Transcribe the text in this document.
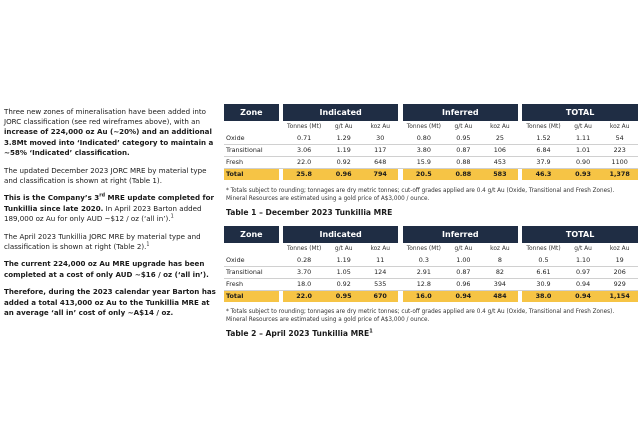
Three new zones of mineralisation have been added into JORC classification (see red wireframes above), with an increase of 224,000 oz Au (~20%) and an additional 3.8Mt moved into ‘Indicated’ category to maintain a ~58% ‘Indicated’ classification.

The updated December 2023 JORC MRE by material type and classification is shown at right (Table 1).

This is the Company’s 3rd MRE update completed for Tunkillia since late 2020. In April 2023 Barton added 189,000 oz Au for only AUD ~$12 / oz (‘all in’).$^1$

The April 2023 Tunkillia JORC MRE by material type and classification is shown at right (Table 2).$^1$

The current 224,000 oz Au MRE upgrade has been completed at a cost of only AUD ~$16 / oz (‘all in’).

Therefore, during the 2023 calendar year Barton has added a total 413,000 oz Au to the Tunkillia MRE at an average ‘all in’ cost of only ~A$14 / oz.

Zone		Indicated				Inferred				TOTAL		
		Tonnes (Mt)	g/t Au	koz Au		Tonnes (Mt)	g/t Au	koz Au		Tonnes (Mt)	g/t Au	koz Au
Oxide		0.71	1.29	30		0.80	0.95	25		1.52	1.11	54
Transitional		3.06	1.19	117		3.80	0.87	106		6.84	1.01	223
Fresh		22.0	0.92	648		15.9	0.88	453		37.9	0.90	1100
Total		25.8	0.96	794		20.5	0.88	583		46.3	0.93	1,378
* Totals subject to rounding; tonnages are dry metric tonnes; cut-off grades applied are 0.4 g/t Au (Oxide, Transitional and Fresh Zones).
Mineral Resources are estimated using a gold price of A$3,000 / ounce.
Table 1 – December 2023 Tunkillia MRE
Zone		Indicated				Inferred				TOTAL		
		Tonnes (Mt)	g/t Au	koz Au		Tonnes (Mt)	g/t Au	koz Au		Tonnes (Mt)	g/t Au	koz Au
Oxide		0.28	1.19	11		0.3	1.00	8		0.5	1.10	19
Transitional		3.70	1.05	124		2.91	0.87	82		6.61	0.97	206
Fresh		18.0	0.92	535		12.8	0.96	394		30.9	0.94	929
Total		22.0	0.95	670		16.0	0.94	484		38.0	0.94	1,154
* Totals subject to rounding; tonnages are dry metric tonnes; cut-off grades applied are 0.4 g/t Au (Oxide, Transitional and Fresh Zones).
Mineral Resources are estimated using a gold price of A$3,000 / ounce.
Table 2 – April 2023 Tunkillia MRE$^1$
